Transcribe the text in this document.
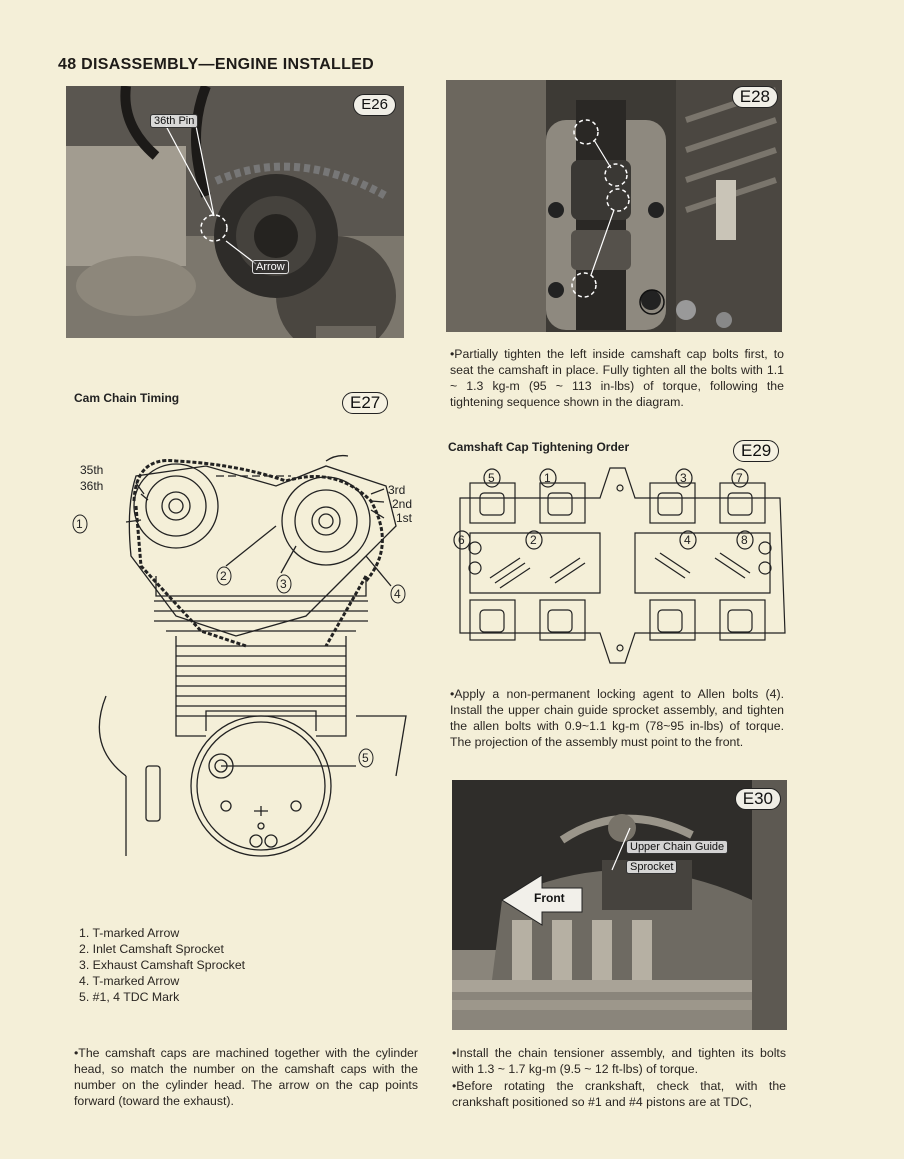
48 DISASSEMBLY—ENGINE INSTALLED
E26
36th Pin
Arrow
Cam Chain Timing	E27
35th
36th	3rd
2nd
1st
1
2
3
4
5
1. T-marked Arrow
2. Inlet Camshaft Sprocket
3. Exhaust Camshaft Sprocket
4. T-marked Arrow
5. #1, 4 TDC Mark
•The camshaft caps are machined together with the cylinder head, so match the number on the camshaft caps with the number on the cylinder head. The arrow on the cap points forward (toward the exhaust).
E28
•Partially tighten the left inside camshaft cap bolts first, to seat the camshaft in place. Fully tighten all the bolts with 1.1 ~ 1.3 kg-m (95 ~ 113 in-lbs) of torque, following the tightening sequence shown in the diagram.
Camshaft Cap Tightening Order	E29
5	1	3	7
6	2	4	8
•Apply a non-permanent locking agent to Allen bolts (4). Install the upper chain guide sprocket assembly, and tighten the allen bolts with 0.9~1.1 kg-m (78~95 in-lbs) of torque. The projection of the assembly must point to the front.
E30
Upper Chain Guide
Sprocket
Front
•Install the chain tensioner assembly, and tighten its bolts with 1.3 ~ 1.7 kg-m (9.5 ~ 12 ft-lbs) of torque.
•Before rotating the crankshaft, check that, with the crankshaft positioned so #1 and #4 pistons are at TDC,
